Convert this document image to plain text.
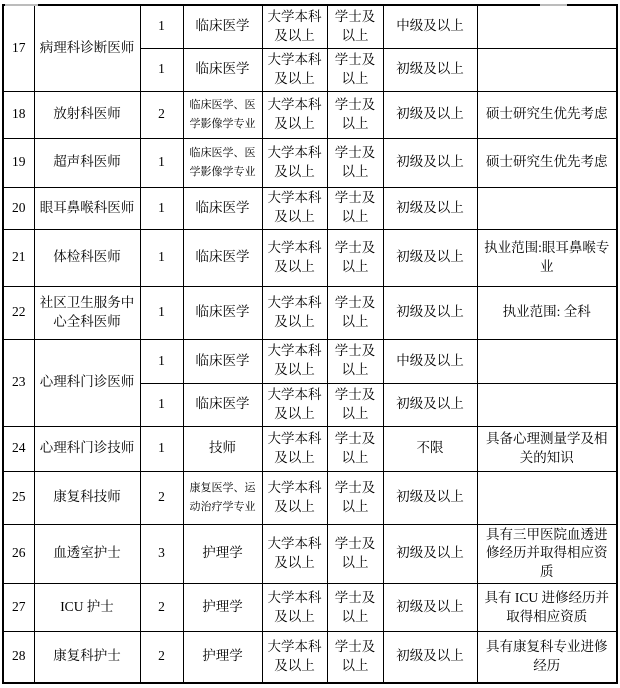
17	病理科诊断医师	1	临床医学	大学本科及以上	学士及以上	中级及以上	
		1	临床医学	大学本科及以上	学士及以上	初级及以上	
18	放射科医师	2	临床医学、医学影像学专业	大学本科及以上	学士及以上	初级及以上	硕士研究生优先考虑
19	超声科医师	1	临床医学、医学影像学专业	大学本科及以上	学士及以上	初级及以上	硕士研究生优先考虑
20	眼耳鼻喉科医师	1	临床医学	大学本科及以上	学士及以上	初级及以上	
21	体检科医师	1	临床医学	大学本科及以上	学士及以上	初级及以上	执业范围:眼耳鼻喉专业
22	社区卫生服务中心全科医师	1	临床医学	大学本科及以上	学士及以上	初级及以上	执业范围: 全科
23	心理科门诊医师	1	临床医学	大学本科及以上	学士及以上	中级及以上	
		1	临床医学	大学本科及以上	学士及以上	初级及以上	
24	心理科门诊技师	1	技师	大学本科及以上	学士及以上	不限	具备心理测量学及相关的知识
25	康复科技师	2	康复医学、运动治疗学专业	大学本科及以上	学士及以上	初级及以上	
26	血透室护士	3	护理学	大学本科及以上	学士及以上	初级及以上	具有三甲医院血透进修经历并取得相应资质
27	ICU 护士	2	护理学	大学本科及以上	学士及以上	初级及以上	具有 ICU 进修经历并取得相应资质
28	康复科护士	2	护理学	大学本科及以上	学士及以上	初级及以上	具有康复科专业进修经历
